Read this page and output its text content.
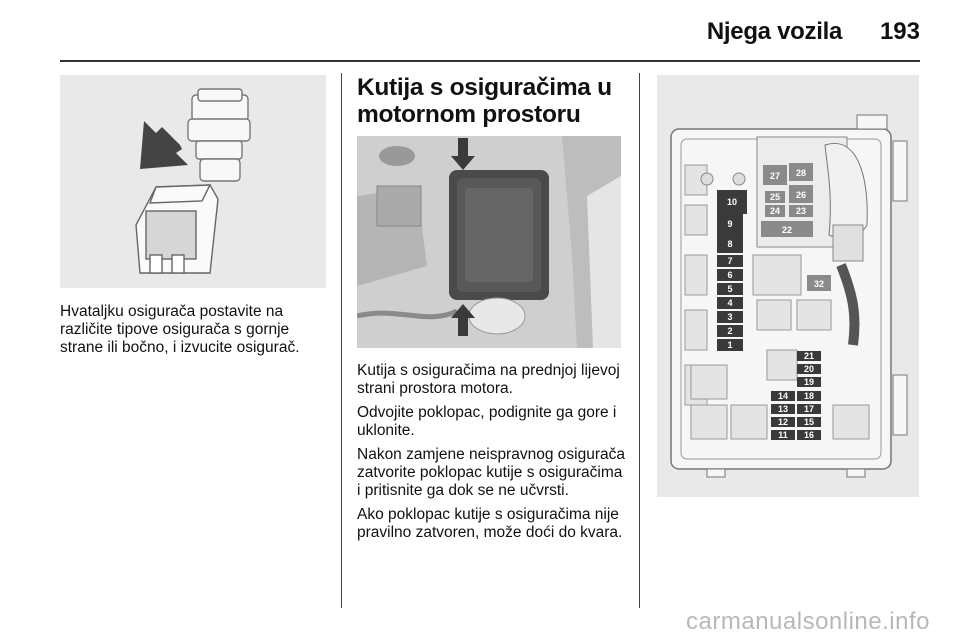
Njega vozila 193

Hvataljku osigurača postavite na različite tipove osigurača s gornje strane ili bočno, i izvucite osigurač.

Kutija s osiguračima u motornom prostoru

Kutija s osiguračima na prednjoj lijevoj strani prostora motora.

Odvojite poklopac, podignite ga gore i uklonite.

Nakon zamjene neispravnog osigurača zatvorite poklopac kutije s osiguračima i pritisnite ga dok se ne učvrsti.

Ako poklopac kutije s osiguračima nije pravilno zatvoren, može doći do kvara.

10
9
8
7
6
5
4
3
2
1
27 28
26
25
24 23
22
32
21
20
19
14 18
13 17
12 15
11 16
carmanualsonline.info
